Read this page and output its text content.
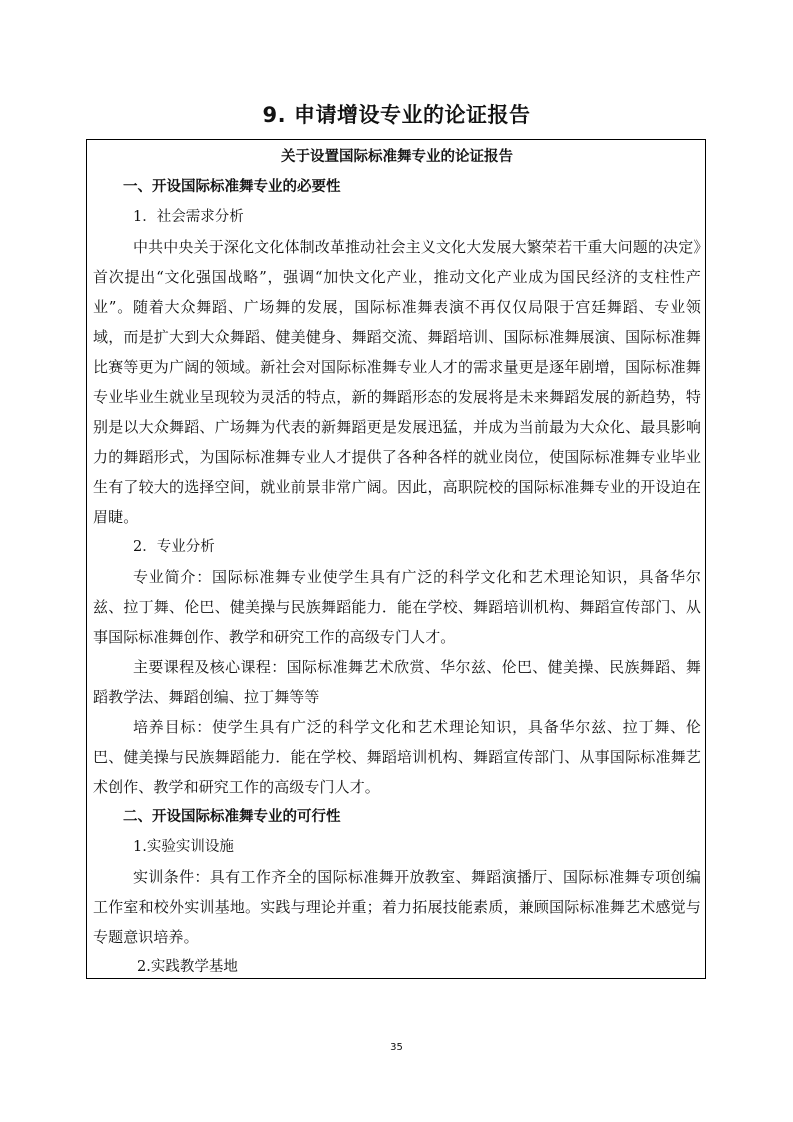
9. 申请增设专业的论证报告

关于设置国际标准舞专业的论证报告

一、开设国际标准舞专业的必要性

1．社会需求分析

中共中央关于深化文化体制改革推动社会主义文化大发展大繁荣若干重大问题的决定》首次提出“文化强国战略”，强调“加快文化产业，推动文化产业成为国民经济的支柱性产业”。随着大众舞蹈、广场舞的发展，国际标准舞表演不再仅仅局限于宫廷舞蹈、专业领域，而是扩大到大众舞蹈、健美健身、舞蹈交流、舞蹈培训、国际标准舞展演、国际标准舞比赛等更为广阔的领域。新社会对国际标准舞专业人才的需求量更是逐年剧增，国际标准舞专业毕业生就业呈现较为灵活的特点，新的舞蹈形态的发展将是未来舞蹈发展的新趋势，特别是以大众舞蹈、广场舞为代表的新舞蹈更是发展迅猛，并成为当前最为大众化、最具影响力的舞蹈形式，为国际标准舞专业人才提供了各种各样的就业岗位，使国际标准舞专业毕业生有了较大的选择空间，就业前景非常广阔。因此，高职院校的国际标准舞专业的开设迫在眉睫。

2．专业分析

专业简介：国际标准舞专业使学生具有广泛的科学文化和艺术理论知识，具备华尔兹、拉丁舞、伦巴、健美操与民族舞蹈能力．能在学校、舞蹈培训机构、舞蹈宣传部门、从事国际标准舞创作、教学和研究工作的高级专门人才。

主要课程及核心课程：国际标准舞艺术欣赏、华尔兹、伦巴、健美操、民族舞蹈、舞蹈教学法、舞蹈创编、拉丁舞等等

培养目标：使学生具有广泛的科学文化和艺术理论知识，具备华尔兹、拉丁舞、伦巴、健美操与民族舞蹈能力．能在学校、舞蹈培训机构、舞蹈宣传部门、从事国际标准舞艺术创作、教学和研究工作的高级专门人才。

二、开设国际标准舞专业的可行性

1.实验实训设施

实训条件：具有工作齐全的国际标准舞开放教室、舞蹈演播厅、国际标准舞专项创编工作室和校外实训基地。实践与理论并重；着力拓展技能素质，兼顾国际标准舞艺术感觉与专题意识培养。

2.实践教学基地

35
